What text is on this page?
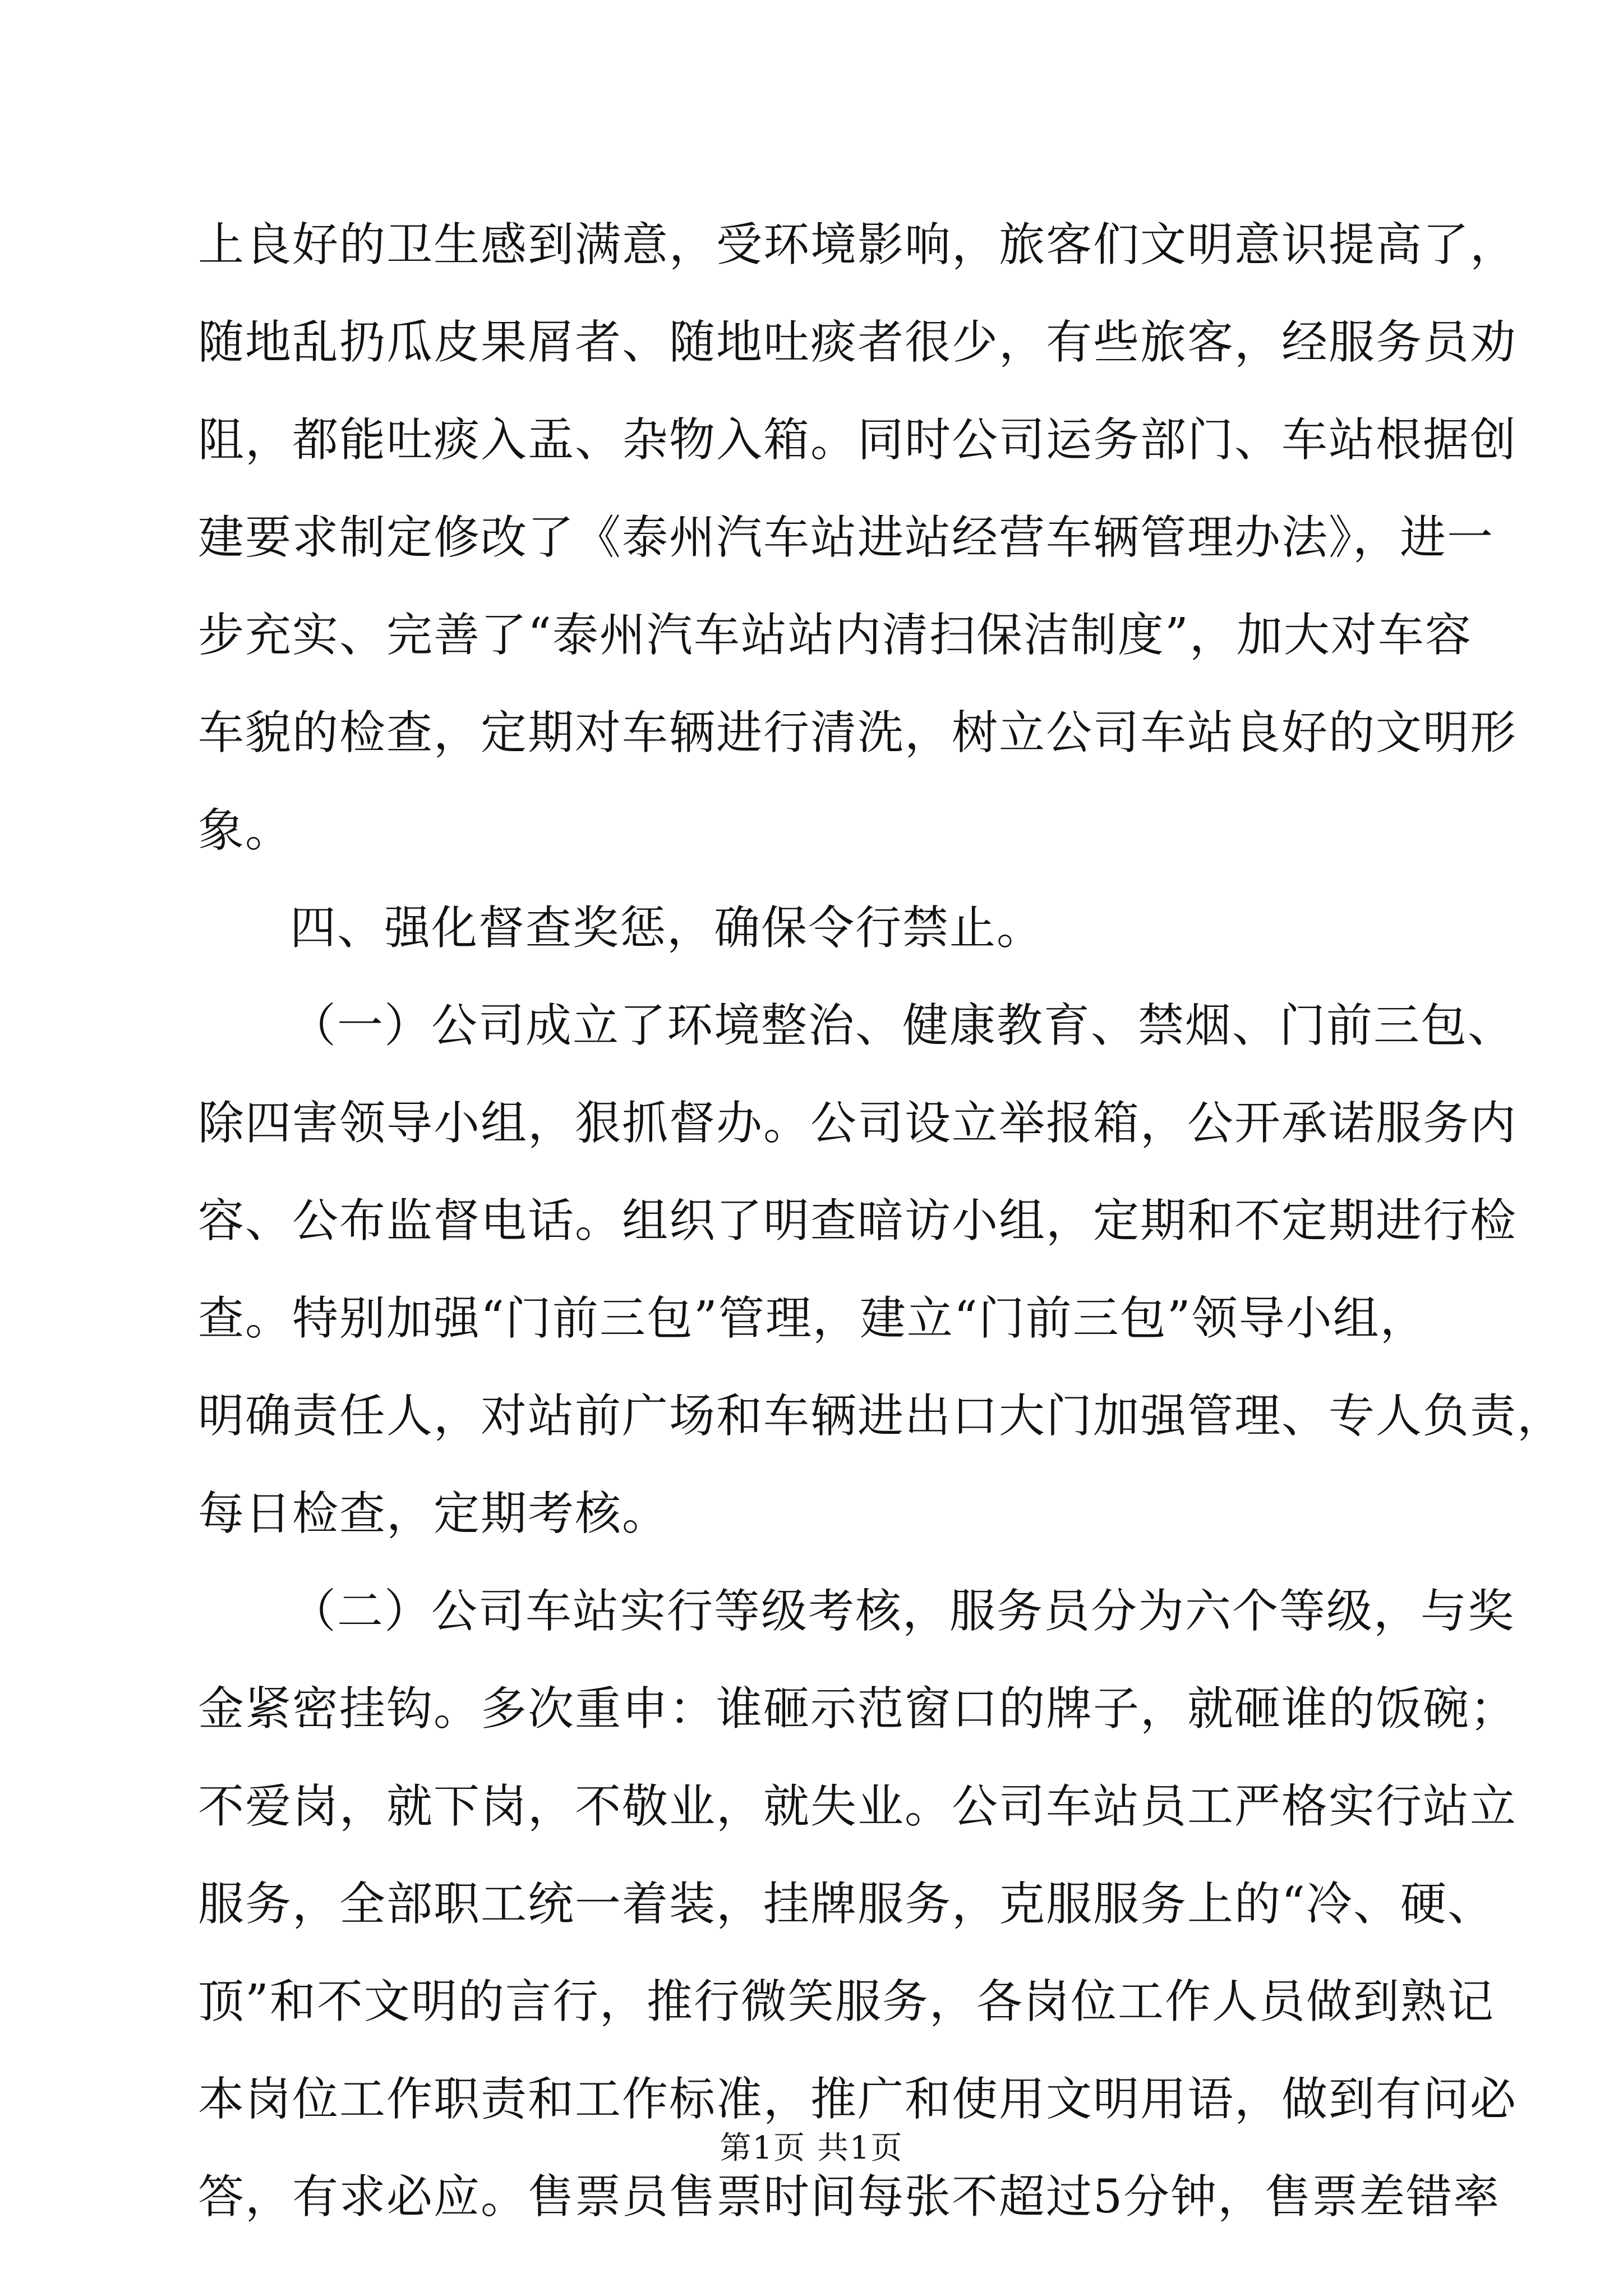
上良好的卫生感到满意，受环境影响，旅客们文明意识提高了，
随地乱扔瓜皮果屑者、随地吐痰者很少，有些旅客，经服务员劝
阻，都能吐痰入盂、杂物入箱。同时公司运务部门、车站根据创
建要求制定修改了《泰州汽车站进站经营车辆管理办法》，进一
步充实、完善了“泰州汽车站站内清扫保洁制度”，加大对车容
车貌的检查，定期对车辆进行清洗，树立公司车站良好的文明形
象。
四、强化督查奖惩，确保令行禁止。
（一）公司成立了环境整治、健康教育、禁烟、门前三包、
除四害领导小组，狠抓督办。公司设立举报箱，公开承诺服务内
容、公布监督电话。组织了明查暗访小组，定期和不定期进行检
查。特别加强“门前三包”管理，建立“门前三包”领导小组，
明确责任人，对站前广场和车辆进出口大门加强管理、专人负责，
每日检查，定期考核。
（二）公司车站实行等级考核，服务员分为六个等级，与奖
金紧密挂钩。多次重申：谁砸示范窗口的牌子，就砸谁的饭碗；
不爱岗，就下岗，不敬业，就失业。公司车站员工严格实行站立
服务，全部职工统一着装，挂牌服务，克服服务上的“冷、硬、
顶”和不文明的言行，推行微笑服务，各岗位工作人员做到熟记
本岗位工作职责和工作标准，推广和使用文明用语，做到有问必
答，有求必应。售票员售票时间每张不超过5分钟，售票差错率
第1页 共1页
